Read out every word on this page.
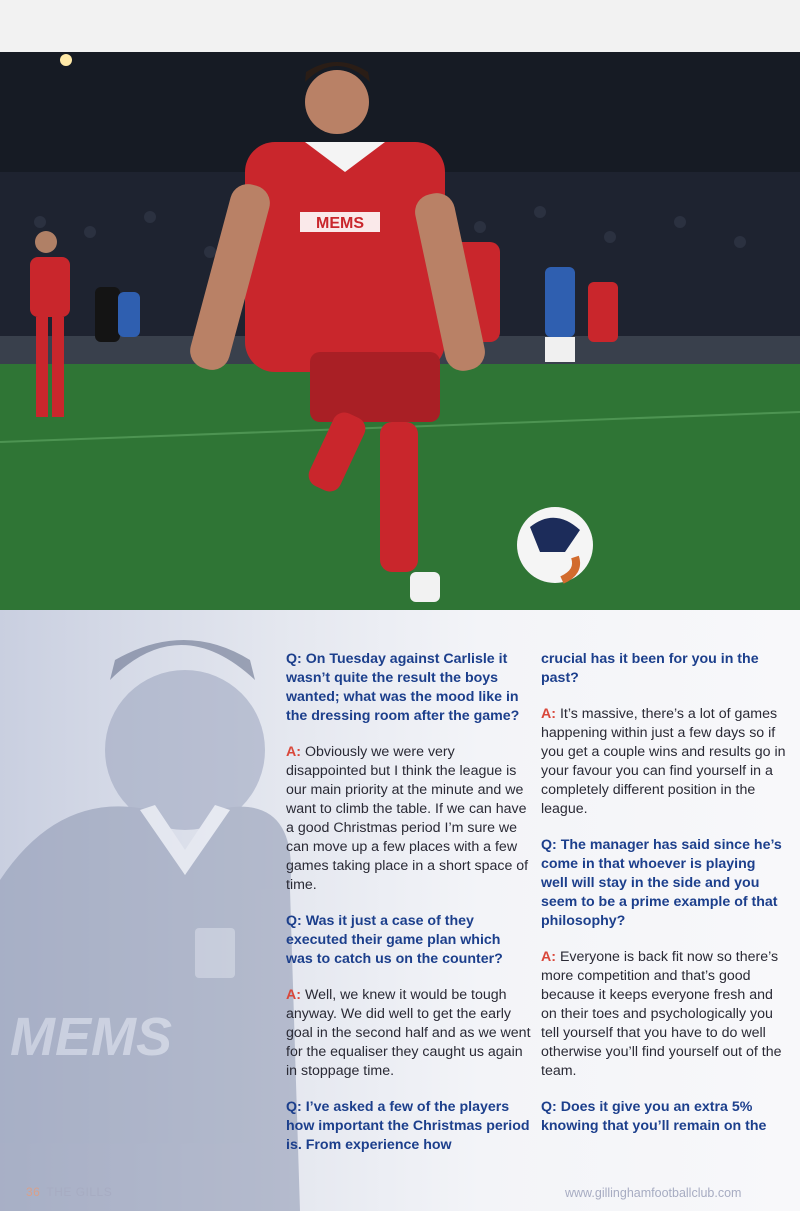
MEMS
MEMS

Q: On Tuesday against Carlisle it wasn’t quite the result the boys wanted; what was the mood like in the dressing room after the game?

A: Obviously we were very disappointed but I think the league is our main priority at the minute and we want to climb the table. If we can have a good Christmas period I’m sure we can move up a few places with a few games taking place in a short space of time.

Q: Was it just a case of they executed their game plan which was to catch us on the counter?

A: Well, we knew it would be tough anyway. We did well to get the early goal in the second half and as we went for the equaliser they caught us again in stoppage time.

Q: I’ve asked a few of the players how important the Christmas period is. From experience how

crucial has it been for you in the past?

A: It’s massive, there’s a lot of games happening within just a few days so if you get a couple wins and results go in your favour you can find yourself in a completely different position in the league.

Q: The manager has said since he’s come in that whoever is playing well will stay in the side and you seem to be a prime example of that philosophy?

A: Everyone is back fit now so there’s more competition and that’s good because it keeps everyone fresh and on their toes and psychologically you tell yourself that you have to do well otherwise you’ll find yourself out of the team.

Q: Does it give you an extra 5% knowing that you’ll remain on the

36 THE GILLS	www.gillinghamfootballclub.com
